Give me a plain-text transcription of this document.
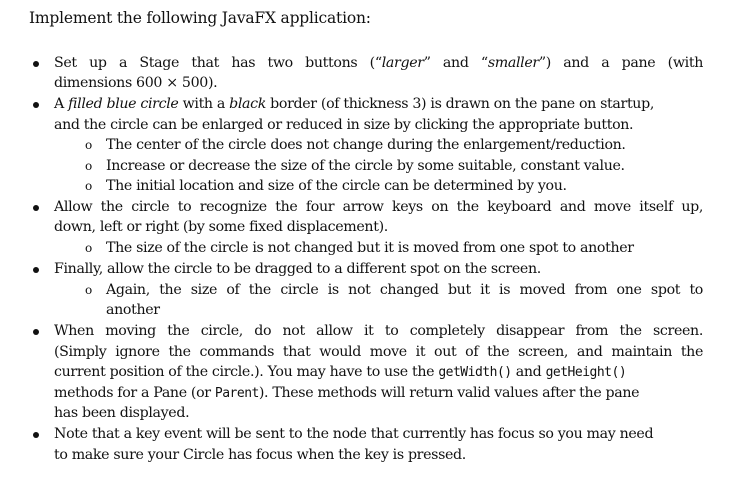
Implement the following JavaFX application:
Set up a Stage that has two buttons (“larger” and “smaller”) and a pane (with
dimensions 600 × 500).
A filled blue circle with a black border (of thickness 3) is drawn on the pane on startup,
and the circle can be enlarged or reduced in size by clicking the appropriate button.
o The center of the circle does not change during the enlargement/reduction.
o Increase or decrease the size of the circle by some suitable, constant value.
o The initial location and size of the circle can be determined by you.
Allow the circle to recognize the four arrow keys on the keyboard and move itself up,
down, left or right (by some fixed displacement).
o The size of the circle is not changed but it is moved from one spot to another
Finally, allow the circle to be dragged to a different spot on the screen.
o Again, the size of the circle is not changed but it is moved from one spot to
another
When moving the circle, do not allow it to completely disappear from the screen.
(Simply ignore the commands that would move it out of the screen, and maintain the
current position of the circle.). You may have to use the getWidth() and getHeight()
methods for a Pane (or Parent). These methods will return valid values after the pane
has been displayed.
Note that a key event will be sent to the node that currently has focus so you may need
to make sure your Circle has focus when the key is pressed.
